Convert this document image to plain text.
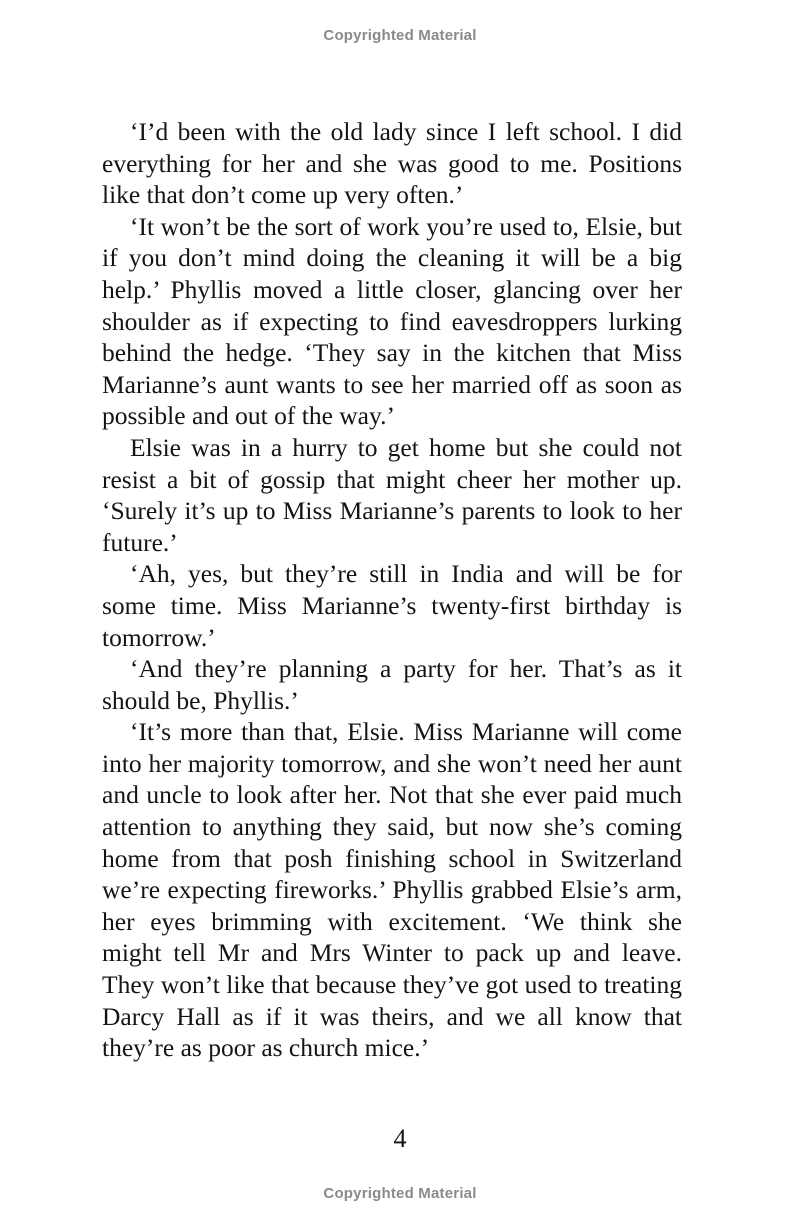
Copyrighted Material

‘I’d been with the old lady since I left school. I did everything for her and she was good to me. Positions like that don’t come up very often.’

‘It won’t be the sort of work you’re used to, Elsie, but if you don’t mind doing the cleaning it will be a big help.’ Phyllis moved a little closer, glancing over her shoulder as if expecting to find eavesdroppers lurking behind the hedge. ‘They say in the kitchen that Miss Marianne’s aunt wants to see her married off as soon as possible and out of the way.’

Elsie was in a hurry to get home but she could not resist a bit of gossip that might cheer her mother up. ‘Surely it’s up to Miss Marianne’s parents to look to her future.’

‘Ah, yes, but they’re still in India and will be for some time. Miss Marianne’s twenty-first birthday is tomorrow.’

‘And they’re planning a party for her. That’s as it should be, Phyllis.’

‘It’s more than that, Elsie. Miss Marianne will come into her majority tomorrow, and she won’t need her aunt and uncle to look after her. Not that she ever paid much attention to anything they said, but now she’s coming home from that posh finishing school in Switzerland we’re expecting fireworks.’ Phyllis grabbed Elsie’s arm, her eyes brimming with excitement. ‘We think she might tell Mr and Mrs Winter to pack up and leave. They won’t like that because they’ve got used to treating Darcy Hall as if it was theirs, and we all know that they’re as poor as church mice.’

4
Copyrighted Material
